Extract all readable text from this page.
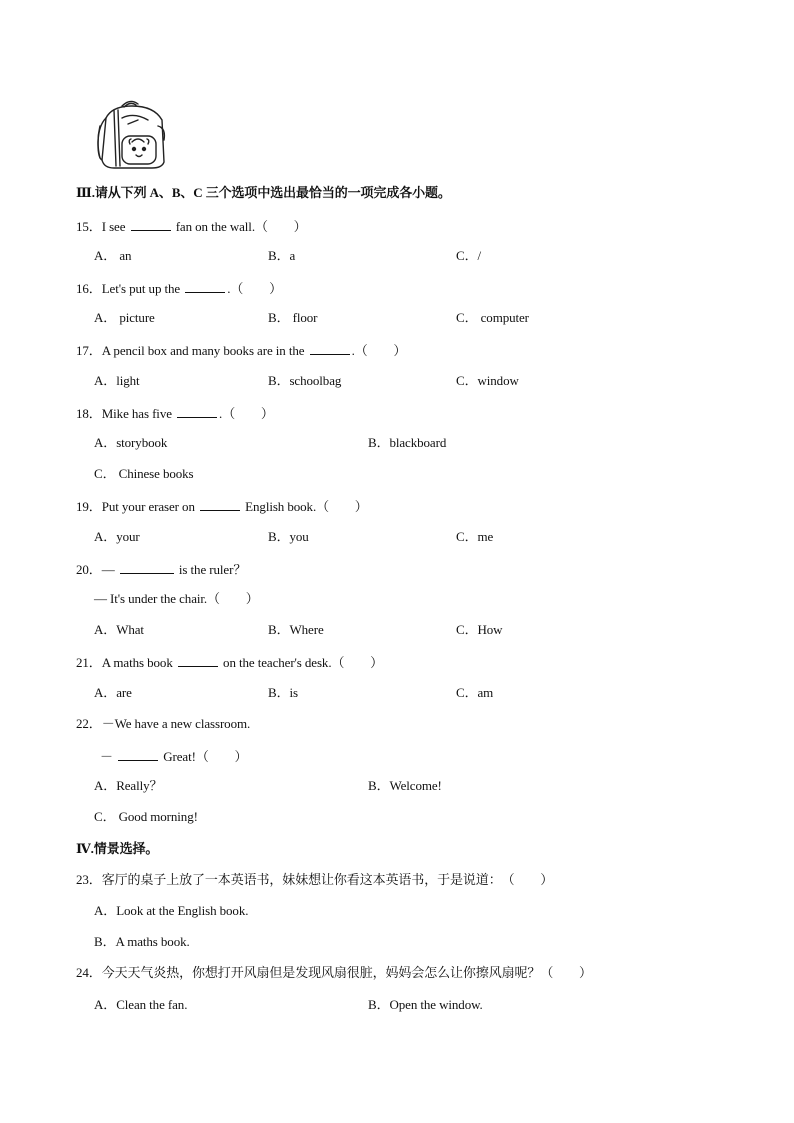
Ⅲ.请从下列 A、B、C 三个选项中选出最恰当的一项完成各小题。
15．I see	fan on the wall.（　　）
A． an	B．a	C．/
16．Let's put up the	.（　　）
A． picture	B． floor	C． computer
17．A pencil box and many books are in the	.（　　）
A．light	B．schoolbag	C．window
18．Mike has five	.（　　）
A．storybook	B．blackboard
C． Chinese books
19．Put your eraser on	English book.（　　）
A．your	B．you	C．me
20．—	is the ruler？
— It's under the chair.（　　）
A．What	B．Where	C．How
21．A maths book	on the teacher's desk.（　　）
A．are	B．is	C．am
22．－We have a new classroom.
－	Great!（　　）
A．Really？	B．Welcome!
C． Good morning!
Ⅳ.情景选择。
23．客厅的桌子上放了一本英语书，妹妹想让你看这本英语书，于是说道：（　　）
A．Look at the English book.
B．A maths book.
24．今天天气炎热，你想打开风扇但是发现风扇很脏，妈妈会怎么让你擦风扇呢？（　　）
A．Clean the fan.	B．Open the window.
